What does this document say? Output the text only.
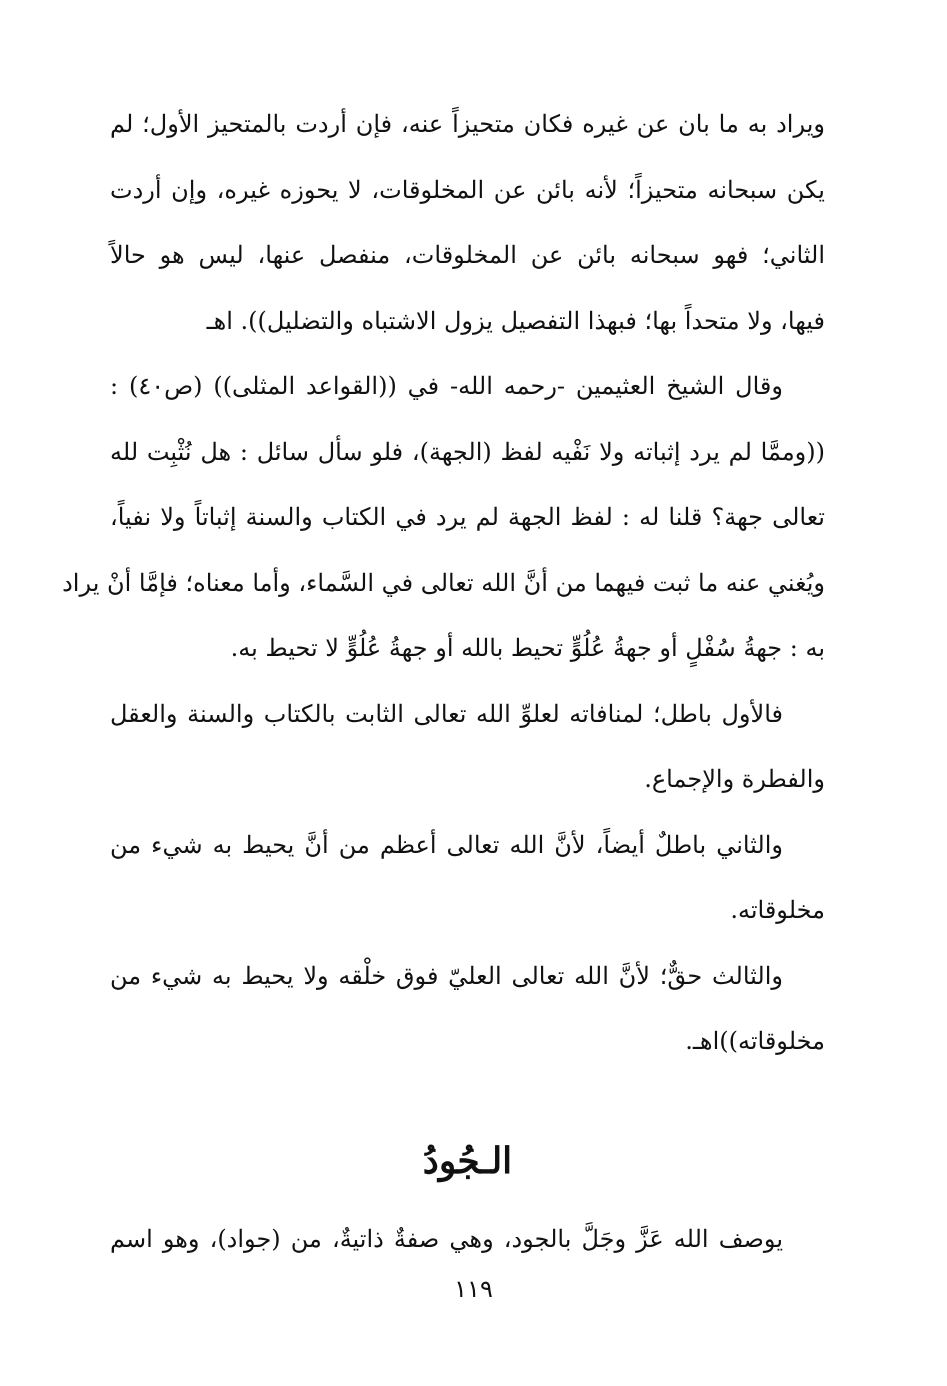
ويراد به ما بان عن غيره فكان متحيزاً عنه، فإن أردت بالمتحيز الأول؛ لم
يكن سبحانه متحيزاً؛ لأنه بائن عن المخلوقات، لا يحوزه غيره، وإن أردت
الثاني؛ فهو سبحانه بائن عن المخلوقات، منفصل عنها، ليس هو حالاً
فيها، ولا متحداً بها؛ فبهذا التفصيل يزول الاشتباه والتضليل)). اهـ
وقال الشيخ العثيمين -رحمه الله- في ((القواعد المثلى)) (ص٤٠) :
((وممَّا لم يرد إثباته ولا نَفْيه لفظ (الجهة)، فلو سأل سائل : هل نُثْبِت لله
تعالى جهة؟ قلنا له : لفظ الجهة لم يرد في الكتاب والسنة إثباتاً ولا نفياً،
ويُغني عنه ما ثبت فيهما من أنَّ الله تعالى في السَّماء، وأما معناه؛ فإمَّا أنْ يراد
به : جهةُ سُفْلٍ أو جهةُ عُلُوٍّ تحيط بالله أو جهةُ عُلُوٍّ لا تحيط به.
فالأول باطل؛ لمنافاته لعلوِّ الله تعالى الثابت بالكتاب والسنة والعقل
والفطرة والإجماع.
والثاني باطلٌ أيضاً، لأنَّ الله تعالى أعظم من أنَّ يحيط به شيء من
مخلوقاته.
والثالث حقٌّ؛ لأنَّ الله تعالى العليّ فوق خلْقه ولا يحيط به شيء من
مخلوقاته))اهـ.
الـجُودُ
يوصف الله عَزَّ وجَلَّ بالجود، وهي صفةٌ ذاتيةٌ، من (جواد)، وهو اسم
١١٩
